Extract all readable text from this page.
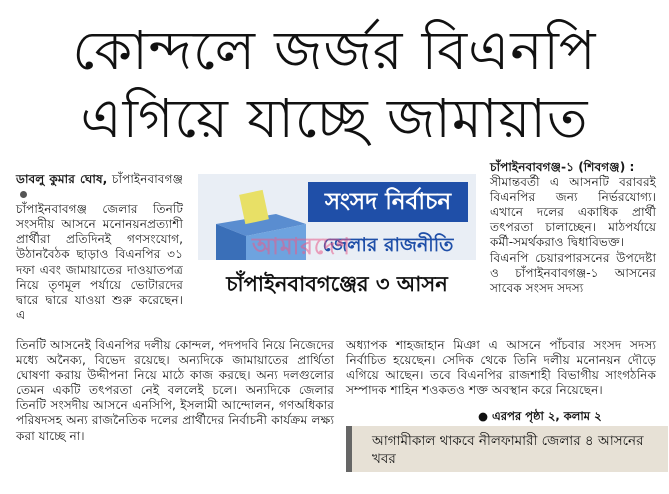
কোন্দলে জর্জর বিএনপি
এগিয়ে যাচ্ছে জামায়াত

ডাবলু কুমার ঘোষ, চাঁপাইনবাবগঞ্জ

চাঁপাইনবাবগঞ্জ জেলার তিনটি সংসদীয় আসনে মনোনয়নপ্রত্যাশী প্রার্থীরা প্রতিদিনই গণসংযোগ, উঠানবৈঠক ছাড়াও বিএনপির ৩১ দফা এবং জামায়াতের দাওয়াতপত্র নিয়ে তৃণমূল পর্যায়ে ভোটারদের দ্বারে দ্বারে যাওয়া শুরু করেছেন। এ

সংসদ নির্বাচন
জেলার রাজনীতি
আমারদেশ
চাঁপাইনবাবগঞ্জের ৩ আসন

চাঁপাইনবাবগঞ্জ-১ (শিবগঞ্জ) :

সীমান্তবর্তী এ আসনটি বরাবরই বিএনপির জন্য নির্ভরযোগ্য। এখানে দলের একাধিক প্রার্থী তৎপরতা চালাচ্ছেন। মাঠপর্যায়ে কর্মী-সমর্থকরাও দ্বিধাবিভক্ত।

বিএনপি চেয়ারপারসনের উপদেষ্টা ও চাঁপাইনবাবগঞ্জ-১ আসনের সাবেক সংসদ সদস্য

তিনটি আসনেই বিএনপির দলীয় কোন্দল, পদপদবি নিয়ে নিজেদের মধ্যে অনৈক্য, বিভেদ রয়েছে। অন্যদিকে জামায়াতের প্রার্থিতা ঘোষণা করায় উদ্দীপনা নিয়ে মাঠে কাজ করছে। অন্য দলগুলোর তেমন একটি তৎপরতা নেই বললেই চলে। অন্যদিকে জেলার তিনটি সংসদীয় আসনে এনসিপি, ইসলামী আন্দোলন, গণঅধিকার পরিষদসহ অন্য রাজনৈতিক দলের প্রার্থীদের নির্বাচনী কার্যক্রম লক্ষ্য করা যাচ্ছে না।
অধ্যাপক শাহজাহান মিঞা এ আসনে পাঁচবার সংসদ সদস্য নির্বাচিত হয়েছেন। সেদিক থেকে তিনি দলীয় মনোনয়ন দৌড়ে এগিয়ে আছেন। তবে বিএনপির রাজশাহী বিভাগীয় সাংগঠনিক সম্পাদক শাহিন শওকতও শক্ত অবস্থান করে নিয়েছেন।
● এরপর পৃষ্ঠা ২, কলাম ২
আগামীকাল থাকবে নীলফামারী জেলার ৪ আসনের খবর
